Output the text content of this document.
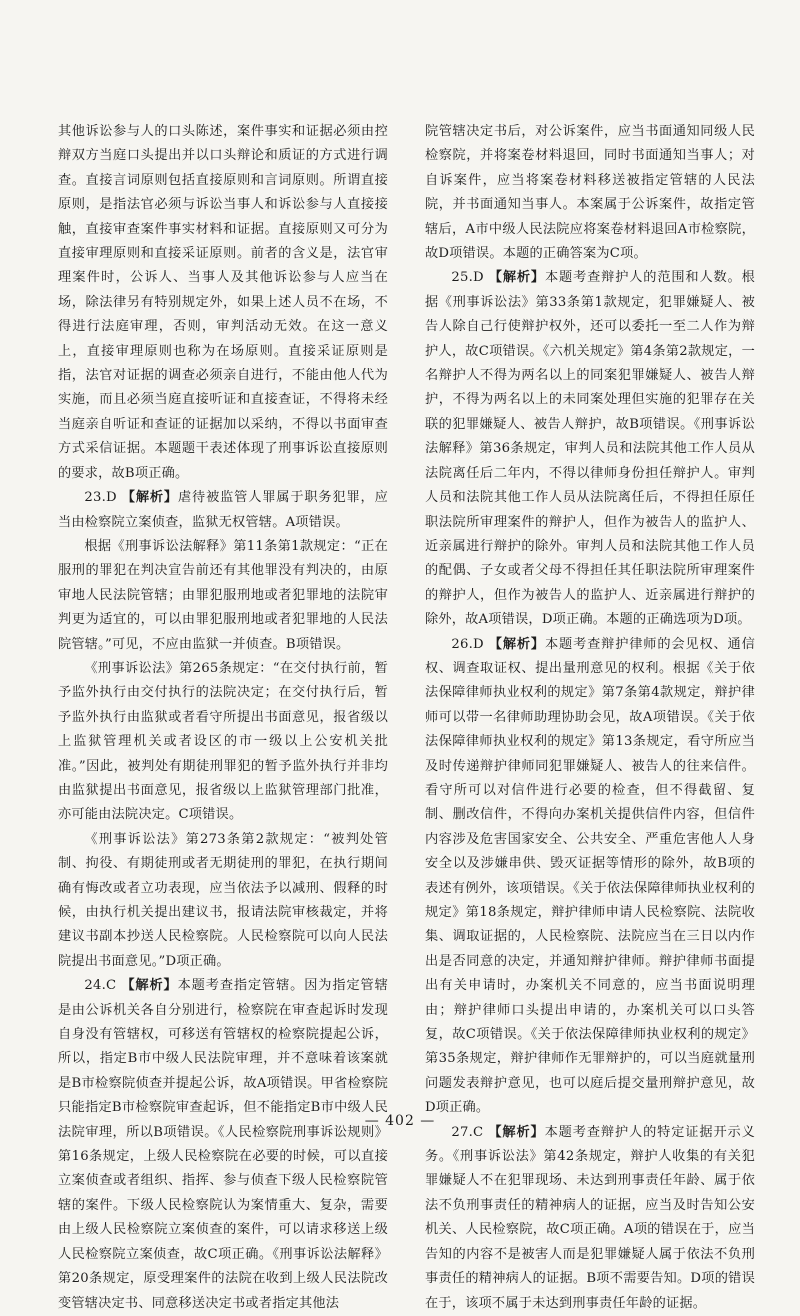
其他诉讼参与人的口头陈述，案件事实和证据必须由控辩双方当庭口头提出并以口头辩论和质证的方式进行调查。直接言词原则包括直接原则和言词原则。所谓直接原则，是指法官必须与诉讼当事人和诉讼参与人直接接触，直接审查案件事实材料和证据。直接原则又可分为直接审理原则和直接采证原则。前者的含义是，法官审理案件时，公诉人、当事人及其他诉讼参与人应当在场，除法律另有特别规定外，如果上述人员不在场，不得进行法庭审理，否则，审判活动无效。在这一意义上，直接审理原则也称为在场原则。直接采证原则是指，法官对证据的调查必须亲自进行，不能由他人代为实施，而且必须当庭直接听证和直接查证，不得将未经当庭亲自听证和查证的证据加以采纳，不得以书面审查方式采信证据。本题题干表述体现了刑事诉讼直接原则的要求，故B项正确。

23.D 【解析】虐待被监管人罪属于职务犯罪，应当由检察院立案侦查，监狱无权管辖。A项错误。

根据《刑事诉讼法解释》第11条第1款规定：“正在服刑的罪犯在判决宣告前还有其他罪没有判决的，由原审地人民法院管辖；由罪犯服刑地或者犯罪地的法院审判更为适宜的，可以由罪犯服刑地或者犯罪地的人民法院管辖。”可见，不应由监狱一并侦查。B项错误。

《刑事诉讼法》第265条规定：“在交付执行前，暂予监外执行由交付执行的法院决定；在交付执行后，暂予监外执行由监狱或者看守所提出书面意见，报省级以上监狱管理机关或者设区的市一级以上公安机关批准。”因此，被判处有期徒刑罪犯的暂予监外执行并非均由监狱提出书面意见，报省级以上监狱管理部门批准，亦可能由法院决定。C项错误。

《刑事诉讼法》第273条第2款规定：“被判处管制、拘役、有期徒刑或者无期徒刑的罪犯，在执行期间确有悔改或者立功表现，应当依法予以减刑、假释的时候，由执行机关提出建议书，报请法院审核裁定，并将建议书副本抄送人民检察院。人民检察院可以向人民法院提出书面意见。”D项正确。

24.C 【解析】本题考查指定管辖。因为指定管辖是由公诉机关各自分别进行，检察院在审查起诉时发现自身没有管辖权，可移送有管辖权的检察院提起公诉，所以，指定B市中级人民法院审理，并不意味着该案就是B市检察院侦查并提起公诉，故A项错误。甲省检察院只能指定B市检察院审查起诉，但不能指定B市中级人民法院审理，所以B项错误。《人民检察院刑事诉讼规则》第16条规定，上级人民检察院在必要的时候，可以直接立案侦查或者组织、指挥、参与侦查下级人民检察院管辖的案件。下级人民检察院认为案情重大、复杂，需要由上级人民检察院立案侦查的案件，可以请求移送上级人民检察院立案侦查，故C项正确。《刑事诉讼法解释》第20条规定，原受理案件的法院在收到上级人民法院改变管辖决定书、同意移送决定书或者指定其他法

院管辖决定书后，对公诉案件，应当书面通知同级人民检察院，并将案卷材料退回，同时书面通知当事人；对自诉案件，应当将案卷材料移送被指定管辖的人民法院，并书面通知当事人。本案属于公诉案件，故指定管辖后，A市中级人民法院应将案卷材料退回A市检察院，故D项错误。本题的正确答案为C项。

25.D 【解析】本题考查辩护人的范围和人数。根据《刑事诉讼法》第33条第1款规定，犯罪嫌疑人、被告人除自己行使辩护权外，还可以委托一至二人作为辩护人，故C项错误。《六机关规定》第4条第2款规定，一名辩护人不得为两名以上的同案犯罪嫌疑人、被告人辩护，不得为两名以上的未同案处理但实施的犯罪存在关联的犯罪嫌疑人、被告人辩护，故B项错误。《刑事诉讼法解释》第36条规定，审判人员和法院其他工作人员从法院离任后二年内，不得以律师身份担任辩护人。审判人员和法院其他工作人员从法院离任后，不得担任原任职法院所审理案件的辩护人，但作为被告人的监护人、近亲属进行辩护的除外。审判人员和法院其他工作人员的配偶、子女或者父母不得担任其任职法院所审理案件的辩护人，但作为被告人的监护人、近亲属进行辩护的除外，故A项错误，D项正确。本题的正确选项为D项。

26.D 【解析】本题考查辩护律师的会见权、通信权、调查取证权、提出量刑意见的权利。根据《关于依法保障律师执业权利的规定》第7条第4款规定，辩护律师可以带一名律师助理协助会见，故A项错误。《关于依法保障律师执业权利的规定》第13条规定，看守所应当及时传递辩护律师同犯罪嫌疑人、被告人的往来信件。看守所可以对信件进行必要的检查，但不得截留、复制、删改信件，不得向办案机关提供信件内容，但信件内容涉及危害国家安全、公共安全、严重危害他人人身安全以及涉嫌串供、毁灭证据等情形的除外，故B项的表述有例外，该项错误。《关于依法保障律师执业权利的规定》第18条规定，辩护律师申请人民检察院、法院收集、调取证据的，人民检察院、法院应当在三日以内作出是否同意的决定，并通知辩护律师。辩护律师书面提出有关申请时，办案机关不同意的，应当书面说明理由；辩护律师口头提出申请的，办案机关可以口头答复，故C项错误。《关于依法保障律师执业权利的规定》第35条规定，辩护律师作无罪辩护的，可以当庭就量刑问题发表辩护意见，也可以庭后提交量刑辩护意见，故D项正确。

27.C 【解析】本题考查辩护人的特定证据开示义务。《刑事诉讼法》第42条规定，辩护人收集的有关犯罪嫌疑人不在犯罪现场、未达到刑事责任年龄、属于依法不负刑事责任的精神病人的证据，应当及时告知公安机关、人民检察院，故C项正确。A项的错误在于，应当告知的内容不是被害人而是犯罪嫌疑人属于依法不负刑事责任的精神病人的证据。B项不需要告知。D项的错误在于，该项不属于未达到刑事责任年龄的证据。

— 402 —
